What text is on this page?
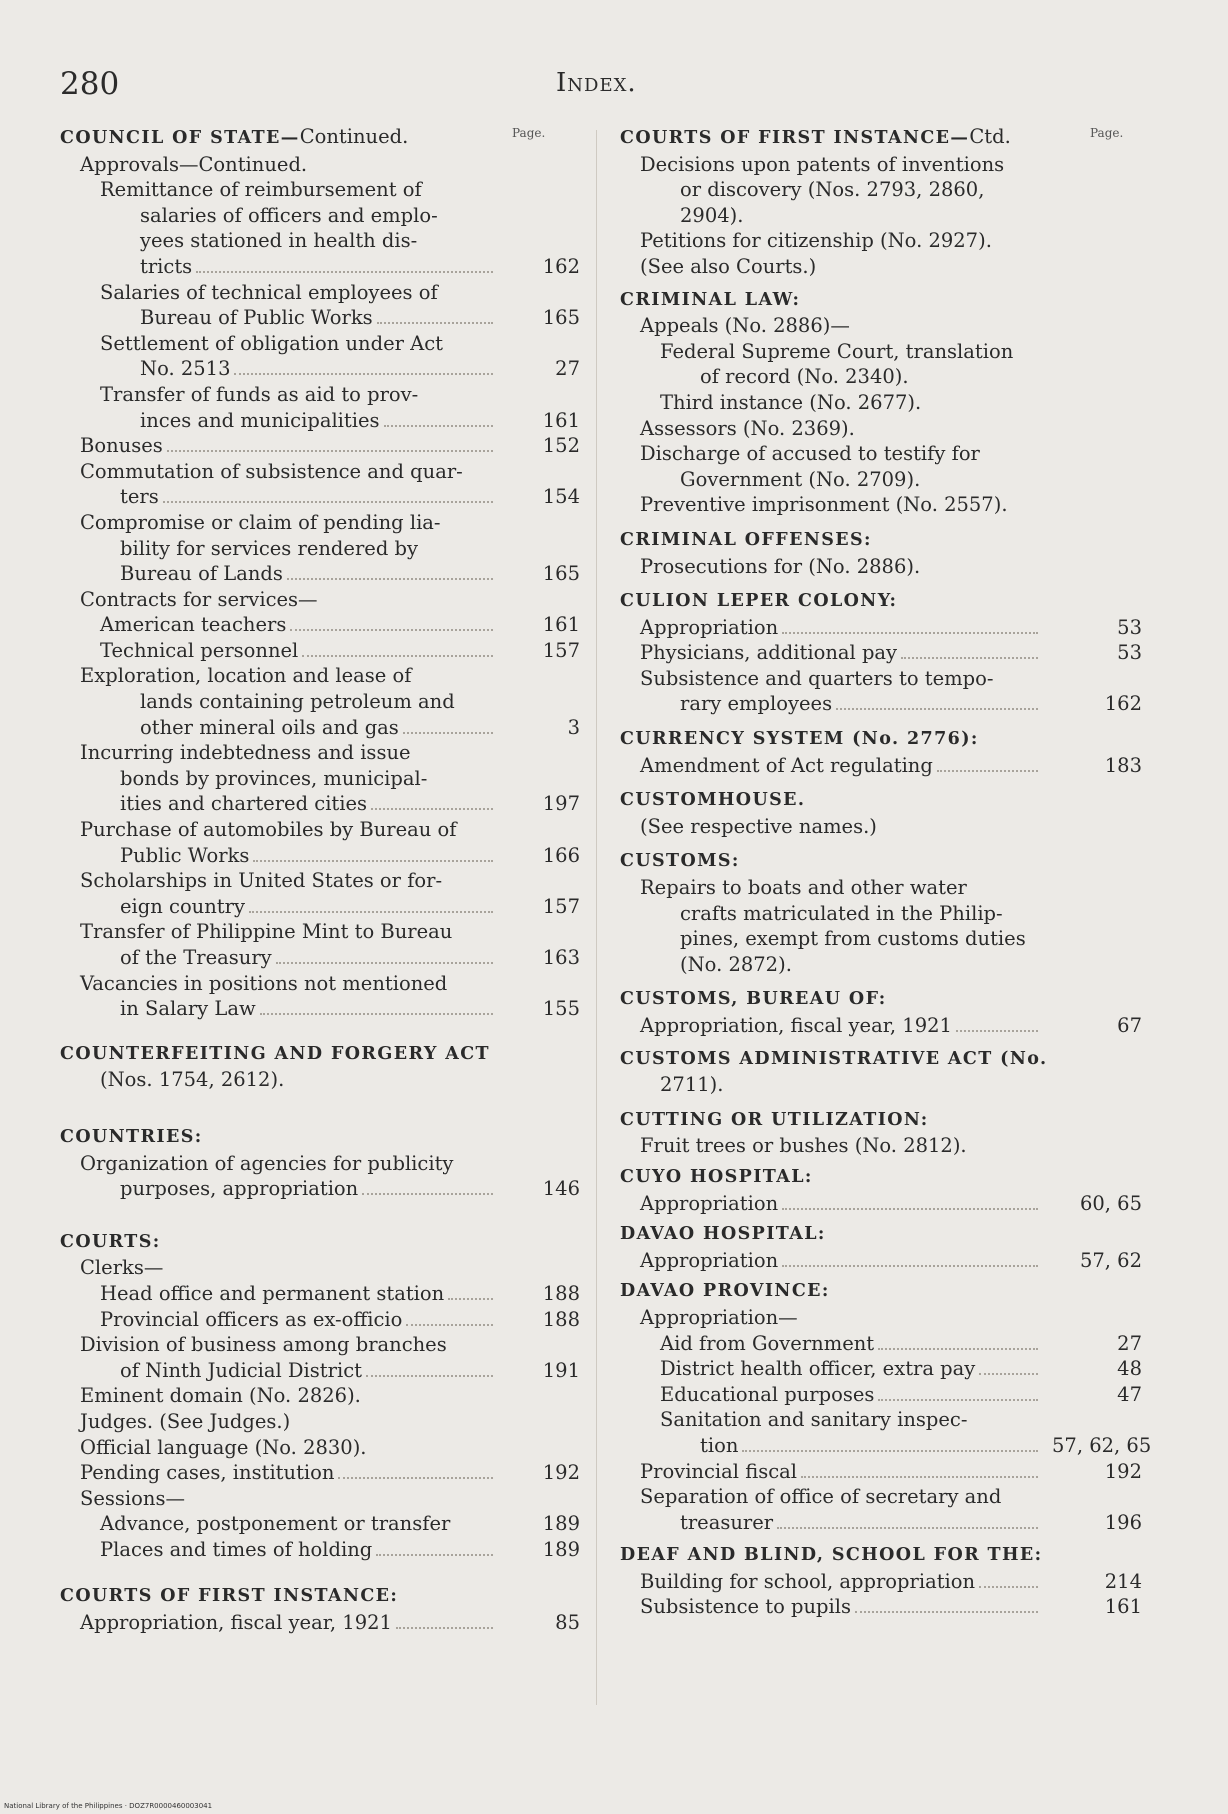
280	Index.
Page.
COUNCIL OF STATE—Continued.
Approvals—Continued.
Remittance of reimbursement of
salaries of officers and emplo-
yees stationed in health dis-
tricts	162
Salaries of technical employees of
Bureau of Public Works	165
Settlement of obligation under Act
No. 2513	27
Transfer of funds as aid to prov-
inces and municipalities	161
Bonuses	152
Commutation of subsistence and quar-
ters	154
Compromise or claim of pending lia-
bility for services rendered by
Bureau of Lands	165
Contracts for services—
American teachers	161
Technical personnel	157
Exploration, location and lease of
lands containing petroleum and
other mineral oils and gas	3
Incurring indebtedness and issue
bonds by provinces, municipal-
ities and chartered cities	197
Purchase of automobiles by Bureau of
Public Works	166
Scholarships in United States or for-
eign country	157
Transfer of Philippine Mint to Bureau
of the Treasury	163
Vacancies in positions not mentioned
in Salary Law	155
COUNTERFEITING AND FORGERY ACT
(Nos. 1754, 2612).
COUNTRIES:
Organization of agencies for publicity
purposes, appropriation	146
COURTS:
Clerks—
Head office and permanent station	188
Provincial officers as ex-officio	188
Division of business among branches
of Ninth Judicial District	191
Eminent domain (No. 2826).
Judges. (See Judges.)
Official language (No. 2830).
Pending cases, institution	192
Sessions—
Advance, postponement or transfer	189
Places and times of holding	189
COURTS OF FIRST INSTANCE:
Appropriation, fiscal year, 1921	85
Page.
COURTS OF FIRST INSTANCE—Ctd.
Decisions upon patents of inventions
or discovery (Nos. 2793, 2860,
2904).
Petitions for citizenship (No. 2927).
(See also Courts.)
CRIMINAL LAW:
Appeals (No. 2886)—
Federal Supreme Court, translation
of record (No. 2340).
Third instance (No. 2677).
Assessors (No. 2369).
Discharge of accused to testify for
Government (No. 2709).
Preventive imprisonment (No. 2557).
CRIMINAL OFFENSES:
Prosecutions for (No. 2886).
CULION LEPER COLONY:
Appropriation	53
Physicians, additional pay	53
Subsistence and quarters to tempo-
rary employees	162
CURRENCY SYSTEM (No. 2776):
Amendment of Act regulating	183
CUSTOMHOUSE.
(See respective names.)
CUSTOMS:
Repairs to boats and other water
crafts matriculated in the Philip-
pines, exempt from customs duties
(No. 2872).
CUSTOMS, BUREAU OF:
Appropriation, fiscal year, 1921	67
CUSTOMS ADMINISTRATIVE ACT (No.
2711).
CUTTING OR UTILIZATION:
Fruit trees or bushes (No. 2812).
CUYO HOSPITAL:
Appropriation	60, 65
DAVAO HOSPITAL:
Appropriation	57, 62
DAVAO PROVINCE:
Appropriation—
Aid from Government	27
District health officer, extra pay	48
Educational purposes	47
Sanitation and sanitary inspec-
tion	57, 62, 65
Provincial fiscal	192
Separation of office of secretary and
treasurer	196
DEAF AND BLIND, SCHOOL FOR THE:
Building for school, appropriation	214
Subsistence to pupils	161
National Library of the Philippines · DOZ7R0000460003041
